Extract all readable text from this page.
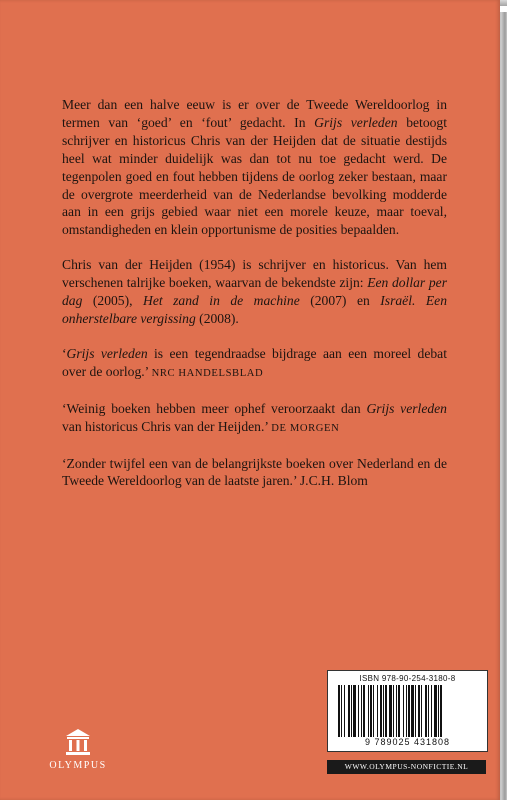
Meer dan een halve eeuw is er over de Tweede Wereldoorlog in termen van ‘goed’ en ‘fout’ gedacht. In Grijs verleden betoogt schrijver en historicus Chris van der Heijden dat de situatie destijds heel wat minder duidelijk was dan tot nu toe gedacht werd. De tegenpolen goed en fout hebben tijdens de oorlog zeker bestaan, maar de overgrote meerderheid van de Nederlandse bevolking modderde aan in een grijs gebied waar niet een morele keuze, maar toeval, omstandigheden en klein opportunisme de posities bepaalden.

Chris van der Heijden (1954) is schrijver en historicus. Van hem verschenen talrijke boeken, waarvan de bekendste zijn: Een dollar per dag (2005), Het zand in de machine (2007) en Israël. Een onherstelbare vergissing (2008).

‘Grijs verleden is een tegendraadse bijdrage aan een moreel debat over de oorlog.’ NRC HANDELSBLAD

‘Weinig boeken hebben meer ophef veroorzaakt dan Grijs verleden van historicus Chris van der Heijden.’ DE MORGEN

‘Zonder twijfel een van de belangrijkste boeken over Nederland en de Tweede Wereldoorlog van de laatste jaren.’ J.C.H. Blom

OLYMPUS
ISBN 978-90-254-3180-8
9 789025 431808
WWW.OLYMPUS-NONFICTIE.NL
